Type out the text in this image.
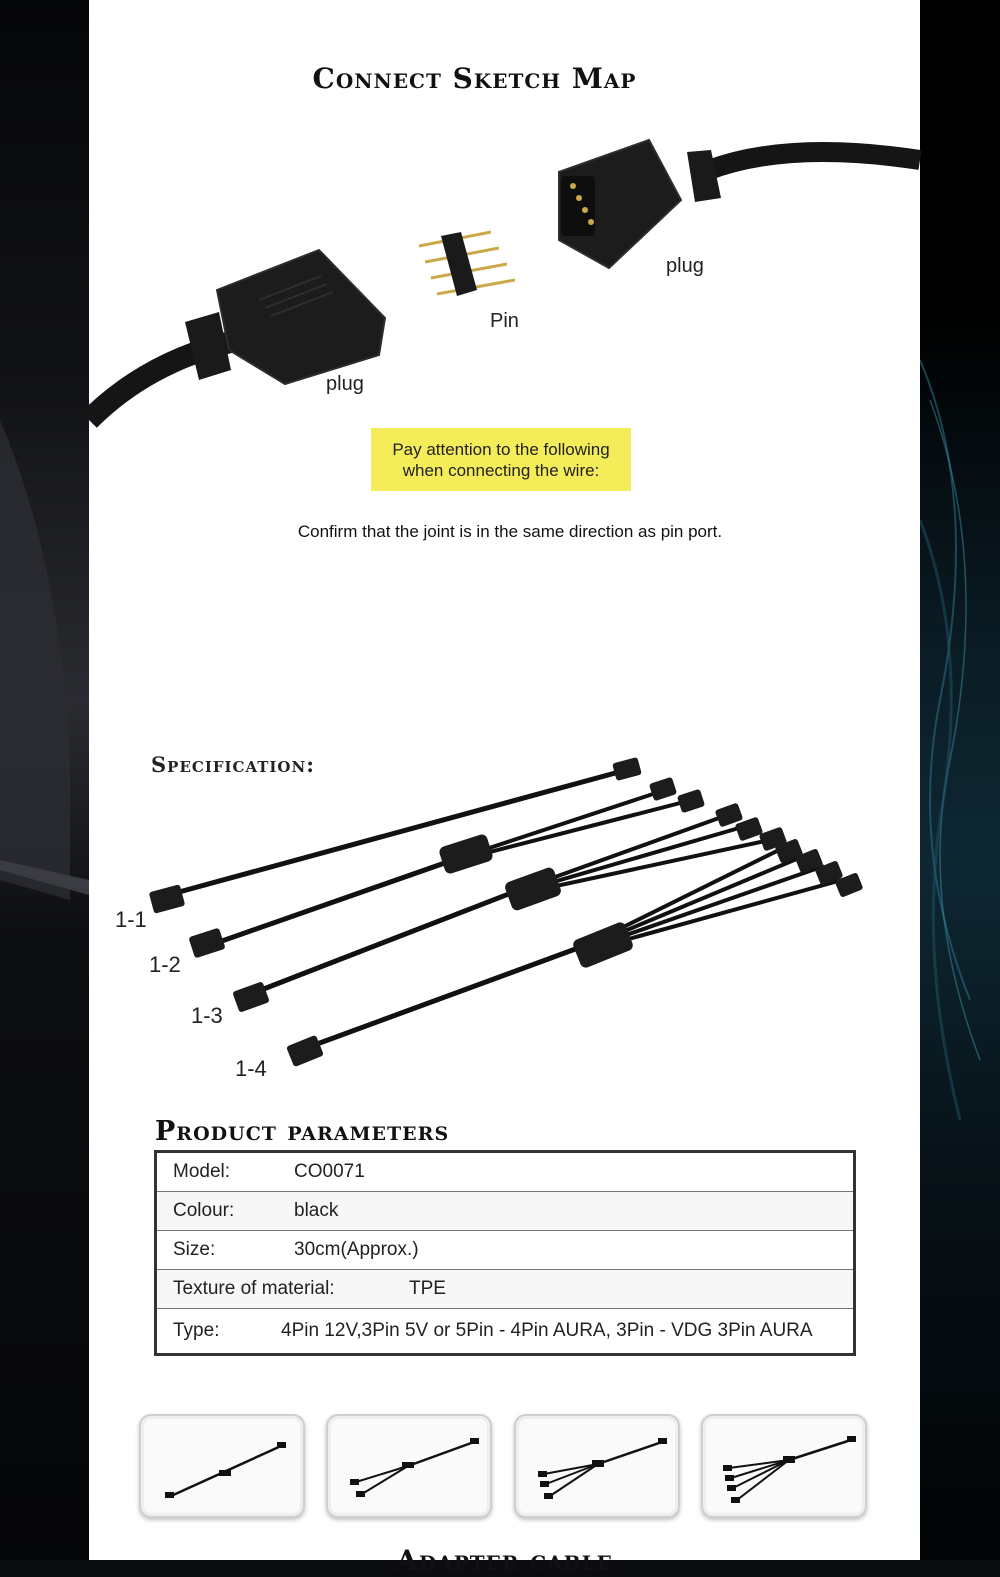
Connect Sketch Map
plug
Pin
plug
Pay attention to the following
when connecting the wire:
Confirm that the joint is in the same direction as pin port.
Specification:
1-1
1-2
1-3
1-4
Product parameters
Model:	CO0071
Colour:	black
Size:	30cm(Approx.)
Texture of material: TPE	
Type: 4Pin 12V,3Pin 5V or 5Pin - 4Pin AURA, 3Pin - VDG 3Pin AURA	
Adapter cable
